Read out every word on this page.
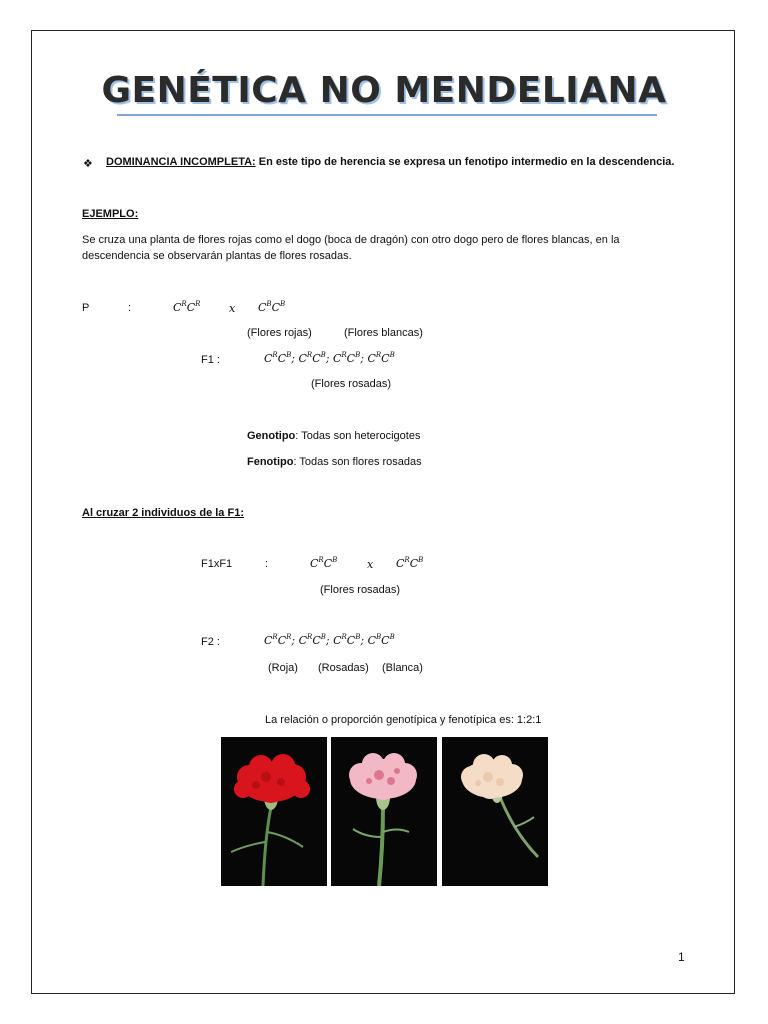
GENÉTICA NO MENDELIANA
❖ DOMINANCIA INCOMPLETA: En este tipo de herencia se expresa un fenotipo intermedio en la descendencia.
EJEMPLO:
Se cruza una planta de flores rojas como el dogo (boca de dragón) con otro dogo pero de flores blancas, en la descendencia se observarán plantas de flores rosadas.
P	:	$C^RC^R$	x $C^BC^B$
(Flores rojas)	(Flores blancas)
F1 :	$C^RC^B$; $C^RC^B$; $C^RC^B$; $C^RC^B$
(Flores rosadas)
Genotipo: Todas son heterocigotes
Fenotipo: Todas son flores rosadas
Al cruzar 2 individuos de la F1:
F1xF1	:	$C^RC^B$	x $C^RC^B$
(Flores rosadas)
F2 :	$C^RC^R$; $C^RC^B$; $C^RC^B$; $C^BC^B$
(Roja) (Rosadas) (Blanca)
La relación o proporción genotípica y fenotípica es: 1:2:1
1
